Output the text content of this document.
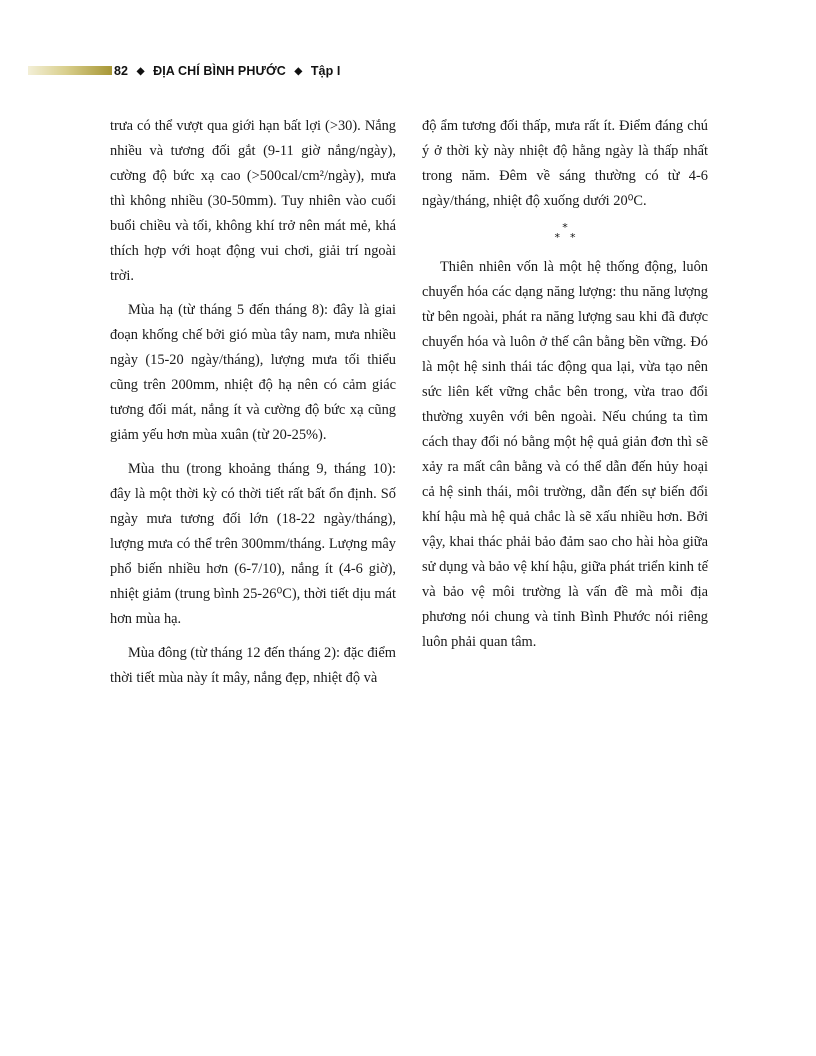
82 ◆ ĐỊA CHÍ BÌNH PHƯỚC ◆ Tập I

trưa có thể vượt qua giới hạn bất lợi (>30). Nắng nhiều và tương đối gắt (9-11 giờ nắng/ngày), cường độ bức xạ cao (>500cal/cm²/ngày), mưa thì không nhiều (30-50mm). Tuy nhiên vào cuối buổi chiều và tối, không khí trở nên mát mẻ, khá thích hợp với hoạt động vui chơi, giải trí ngoài trời.

Mùa hạ (từ tháng 5 đến tháng 8): đây là giai đoạn khống chế bởi gió mùa tây nam, mưa nhiều ngày (15-20 ngày/tháng), lượng mưa tối thiểu cũng trên 200mm, nhiệt độ hạ nên có cảm giác tương đối mát, nắng ít và cường độ bức xạ cũng giảm yếu hơn mùa xuân (từ 20-25%).

Mùa thu (trong khoảng tháng 9, tháng 10): đây là một thời kỳ có thời tiết rất bất ổn định. Số ngày mưa tương đối lớn (18-22 ngày/tháng), lượng mưa có thể trên 300mm/tháng. Lượng mây phổ biến nhiều hơn (6-7/10), nắng ít (4-6 giờ), nhiệt giảm (trung bình 25-26⁰C), thời tiết dịu mát hơn mùa hạ.

Mùa đông (từ tháng 12 đến tháng 2): đặc điểm thời tiết mùa này ít mây, nắng đẹp, nhiệt độ và

độ ẩm tương đối thấp, mưa rất ít. Điểm đáng chú ý ở thời kỳ này nhiệt độ hằng ngày là thấp nhất trong năm. Đêm về sáng thường có từ 4-6 ngày/tháng, nhiệt độ xuống dưới 20⁰C.

*
* *

Thiên nhiên vốn là một hệ thống động, luôn chuyển hóa các dạng năng lượng: thu năng lượng từ bên ngoài, phát ra năng lượng sau khi đã được chuyển hóa và luôn ở thế cân bằng bền vững. Đó là một hệ sinh thái tác động qua lại, vừa tạo nên sức liên kết vững chắc bên trong, vừa trao đổi thường xuyên với bên ngoài. Nếu chúng ta tìm cách thay đổi nó bằng một hệ quả giản đơn thì sẽ xảy ra mất cân bằng và có thể dẫn đến hủy hoại cả hệ sinh thái, môi trường, dẫn đến sự biến đổi khí hậu mà hệ quả chắc là sẽ xấu nhiều hơn. Bởi vậy, khai thác phải bảo đảm sao cho hài hòa giữa sử dụng và bảo vệ khí hậu, giữa phát triển kinh tế và bảo vệ môi trường là vấn đề mà mỗi địa phương nói chung và tỉnh Bình Phước nói riêng luôn phải quan tâm.
